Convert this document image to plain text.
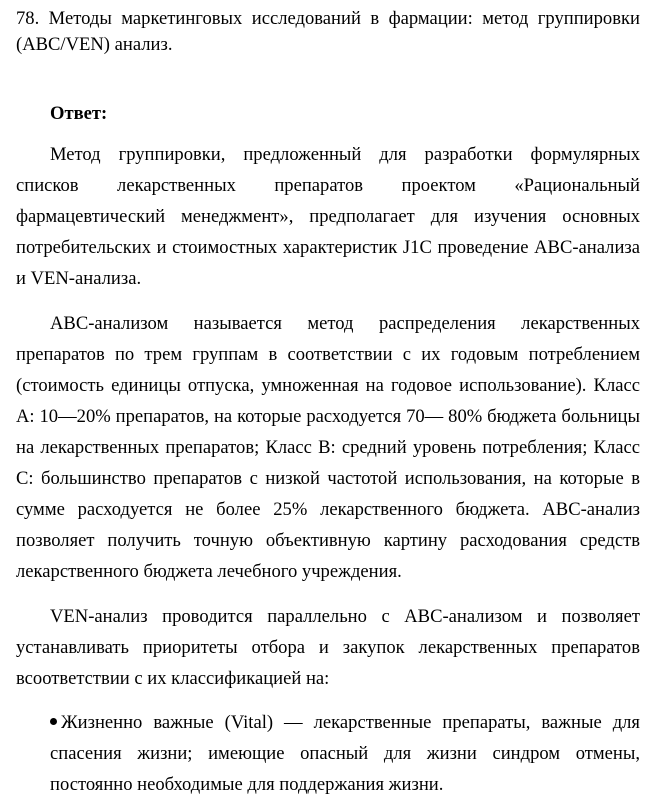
78. Методы маркетинговых исследований в фармации: метод группировки (ABC/VEN) анализ.

Ответ:

Метод группировки, предложенный для разработки формулярных списков лекарственных препаратов проектом «Рациональный фармацевтический менеджмент», предполагает для изучения основных потребительских и стоимостных характеристик J1C проведение ABC-анализа и VEN-анализа.

ABC-анализом называется метод распределения лекарственных препаратов по трем группам в соответствии с их годовым потреблением (стоимость единицы отпуска, умноженная на годовое использование). Класс А: 10—20% препаратов, на которые расходуется 70— 80% бюджета больницы на лекарственных препаратов; Класс В: средний уровень потребления; Класс С: большинство препаратов с низкой частотой использования, на которые в сумме расходуется не более 25% лекарственного бюджета. ABC-анализ позволяет получить точную объективную картину расходования средств лекарственного бюджета лечебного учреждения.

VEN-анализ проводится параллельно с ABC-анализом и позволяет устанавливать приоритеты отбора и закупок лекарственных препаратов всоответствии с их классификацией на:

Жизненно важные (Vital) — лекарственные препараты, важные для спасения жизни; имеющие опасный для жизни синдром отмены, постоянно необходимые для поддержания жизни.
